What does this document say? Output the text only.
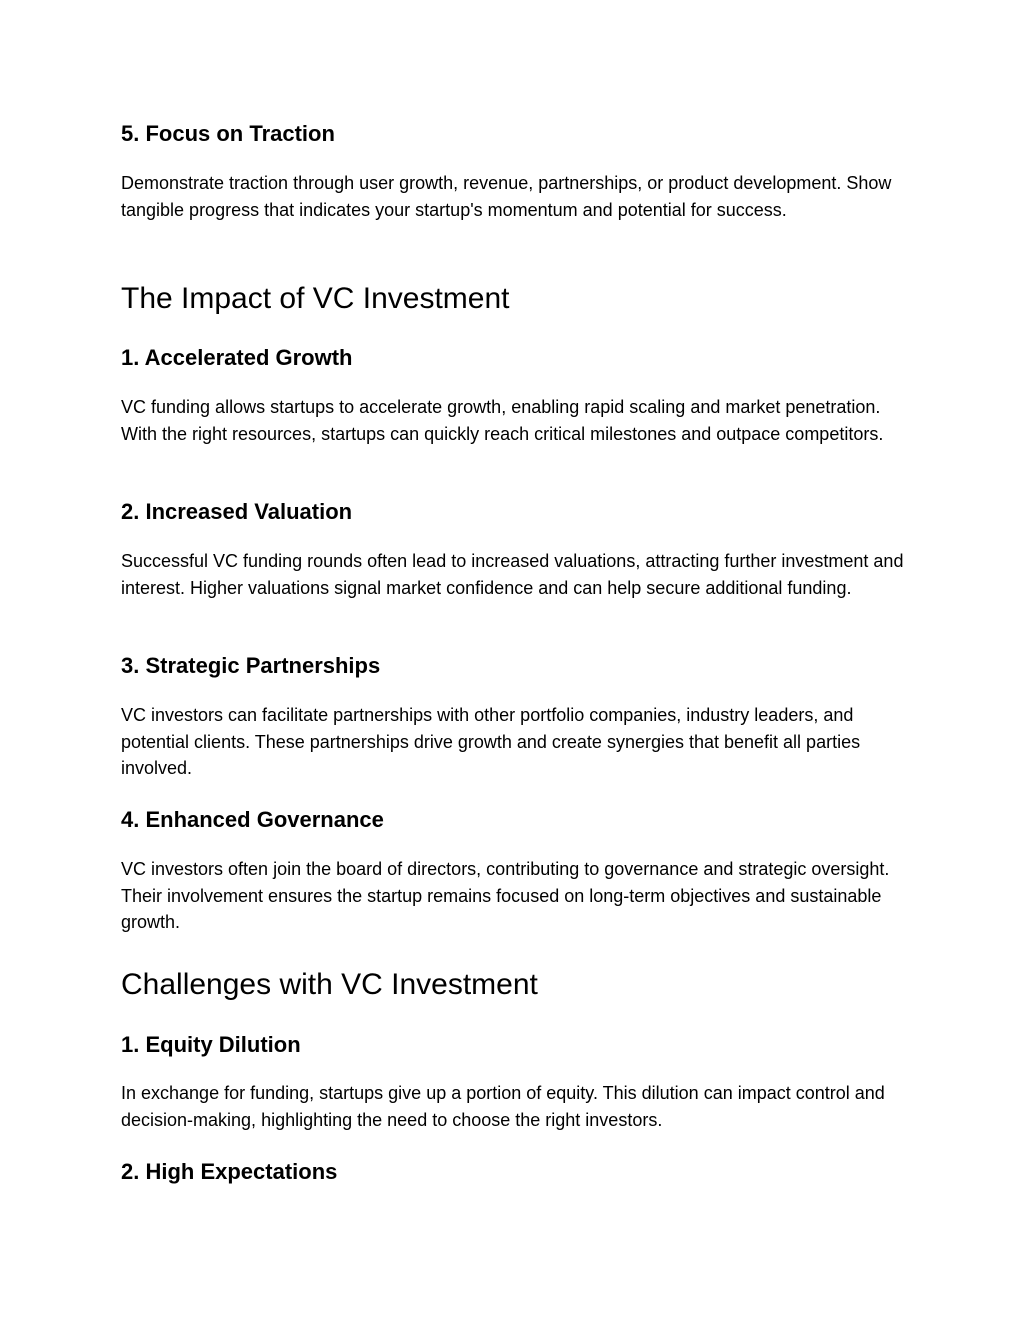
5. Focus on Traction

Demonstrate traction through user growth, revenue, partnerships, or product development. Show tangible progress that indicates your startup's momentum and potential for success.

The Impact of VC Investment
1. Accelerated Growth

VC funding allows startups to accelerate growth, enabling rapid scaling and market penetration. With the right resources, startups can quickly reach critical milestones and outpace competitors.

2. Increased Valuation

Successful VC funding rounds often lead to increased valuations, attracting further investment and interest. Higher valuations signal market confidence and can help secure additional funding.

3. Strategic Partnerships

VC investors can facilitate partnerships with other portfolio companies, industry leaders, and potential clients. These partnerships drive growth and create synergies that benefit all parties involved.

4. Enhanced Governance

VC investors often join the board of directors, contributing to governance and strategic oversight. Their involvement ensures the startup remains focused on long-term objectives and sustainable growth.

Challenges with VC Investment
1. Equity Dilution

In exchange for funding, startups give up a portion of equity. This dilution can impact control and decision-making, highlighting the need to choose the right investors.

2. High Expectations
